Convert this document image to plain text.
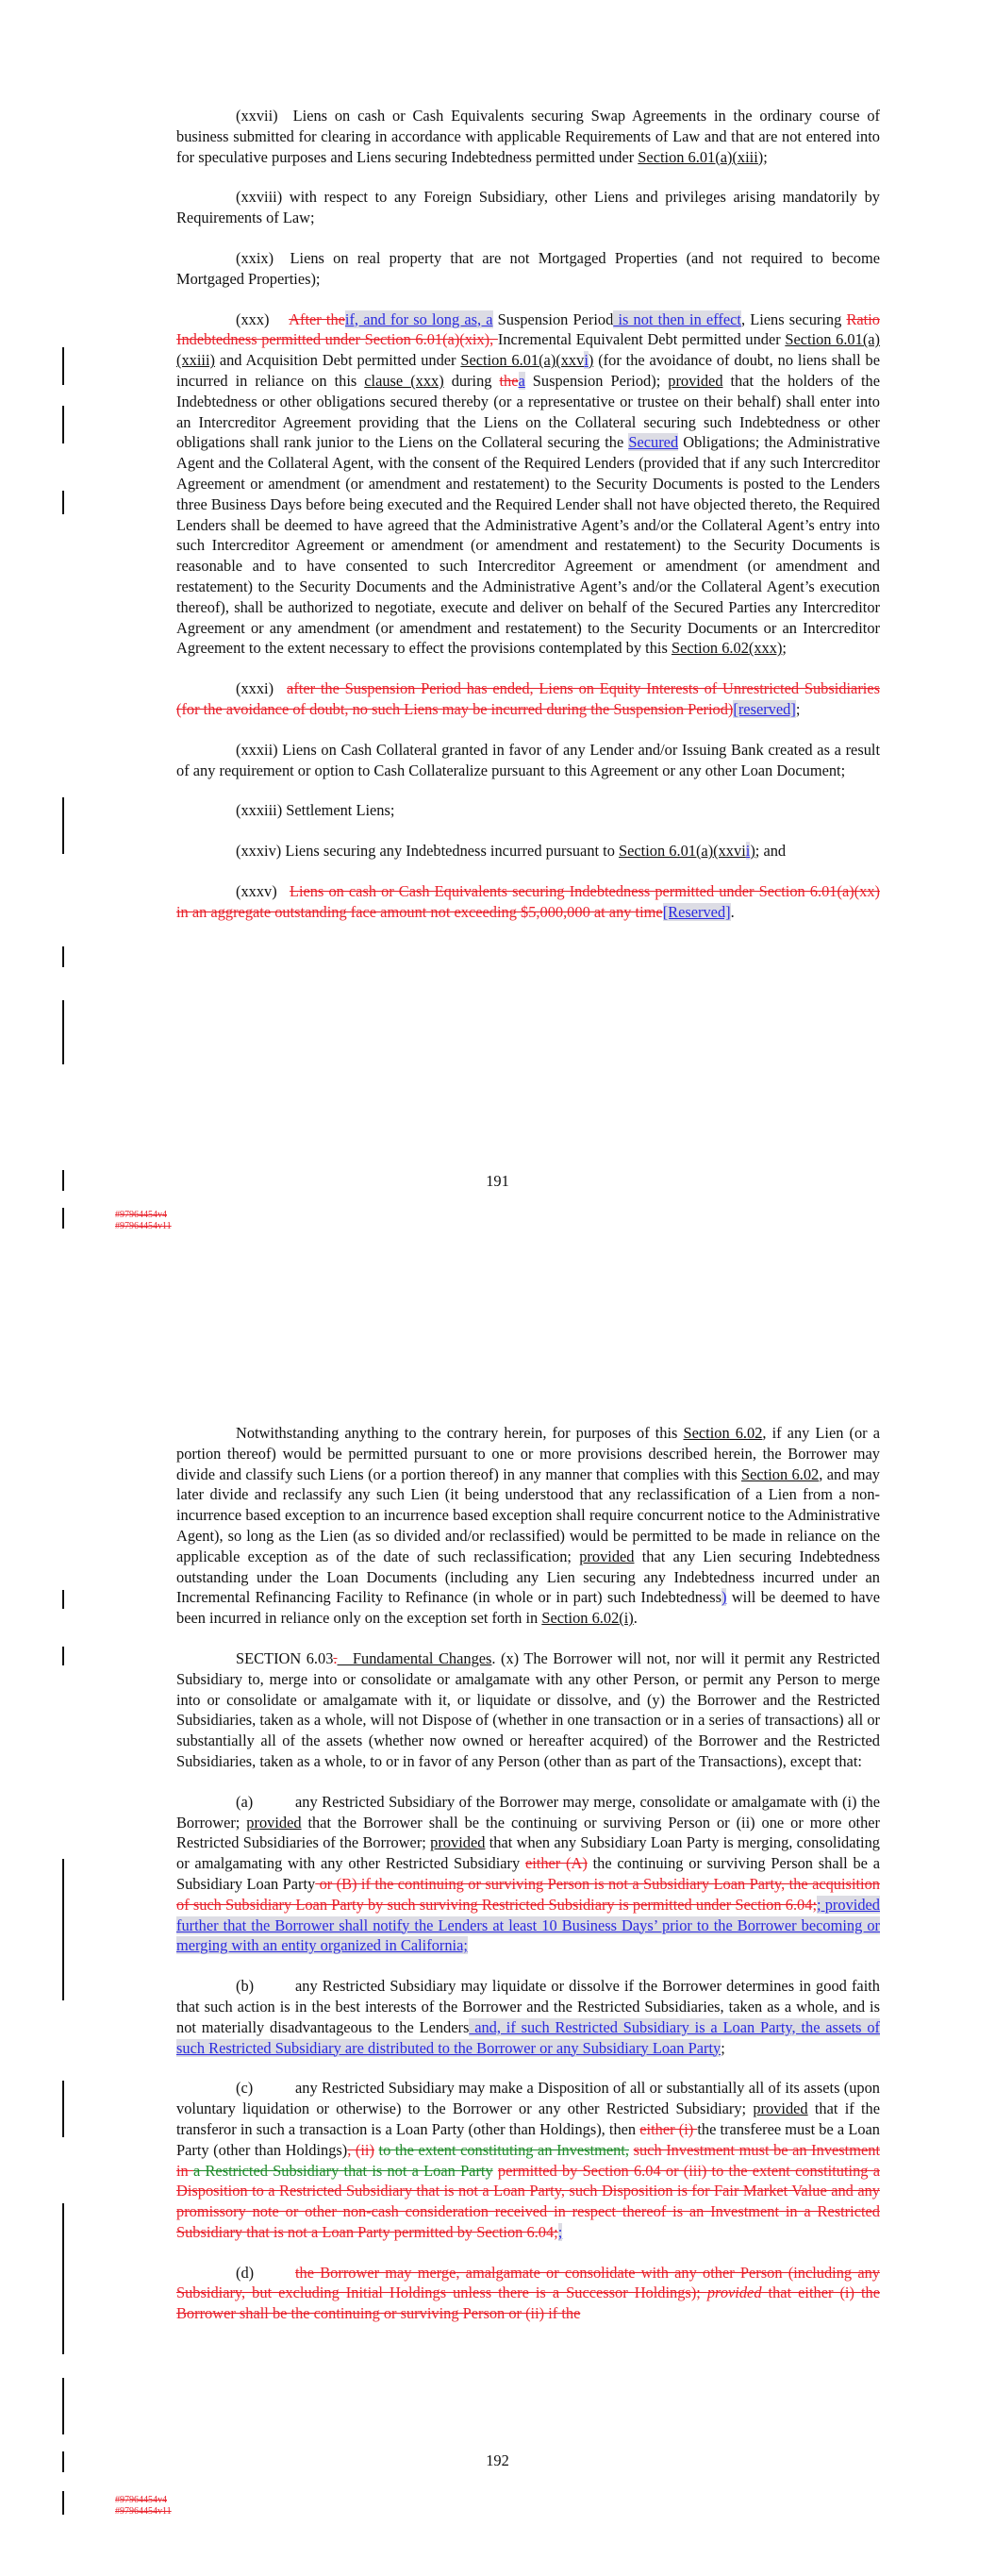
(xxvii)  Liens on cash or Cash Equivalents securing Swap Agreements in the ordinary course of business submitted for clearing in accordance with applicable Requirements of Law and that are not entered into for speculative purposes and Liens securing Indebtedness permitted under Section 6.01(a)(xiii);

(xxviii) with respect to any Foreign Subsidiary, other Liens and privileges arising mandatorily by Requirements of Law;

(xxix)  Liens on real property that are not Mortgaged Properties (and not required to become Mortgaged Properties);

(xxx)  After theif, and for so long as, a Suspension Period is not then in effect, Liens securing Ratio Indebtedness permitted under Section 6.01(a)(xix), Incremental Equivalent Debt permitted under Section 6.01(a)(xxiii) and Acquisition Debt permitted under Section 6.01(a)(xxvi) (for the avoidance of doubt, no liens shall be incurred in reliance on this clause (xxx) during thea Suspension Period); provided that the holders of the Indebtedness or other obligations secured thereby (or a representative or trustee on their behalf) shall enter into an Intercreditor Agreement providing that the Liens on the Collateral securing such Indebtedness or other obligations shall rank junior to the Liens on the Collateral securing the Secured Obligations; the Administrative Agent and the Collateral Agent, with the consent of the Required Lenders (provided that if any such Intercreditor Agreement or amendment (or amendment and restatement) to the Security Documents is posted to the Lenders three Business Days before being executed and the Required Lender shall not have objected thereto, the Required Lenders shall be deemed to have agreed that the Administrative Agent’s and/or the Collateral Agent’s entry into such Intercreditor Agreement or amendment (or amendment and restatement) to the Security Documents is reasonable and to have consented to such Intercreditor Agreement or amendment (or amendment and restatement) to the Security Documents and the Administrative Agent’s and/or the Collateral Agent’s execution thereof), shall be authorized to negotiate, execute and deliver on behalf of the Secured Parties any Intercreditor Agreement or any amendment (or amendment and restatement) to the Security Documents or an Intercreditor Agreement to the extent necessary to effect the provisions contemplated by this Section 6.02(xxx);

(xxxi)  after the Suspension Period has ended, Liens on Equity Interests of Unrestricted Subsidiaries (for the avoidance of doubt, no such Liens may be incurred during the Suspension Period)[reserved];

(xxxii) Liens on Cash Collateral granted in favor of any Lender and/or Issuing Bank created as a result of any requirement or option to Cash Collateralize pursuant to this Agreement or any other Loan Document;

(xxxiii) Settlement Liens;

(xxxiv) Liens securing any Indebtedness incurred pursuant to Section 6.01(a)(xxvii); and

(xxxv)  Liens on cash or Cash Equivalents securing Indebtedness permitted under Section 6.01(a)(xx) in an aggregate outstanding face amount not exceeding $5,000,000 at any time[Reserved].

191
#97964454v4
#97964454v11

Notwithstanding anything to the contrary herein, for purposes of this Section 6.02, if any Lien (or a portion thereof) would be permitted pursuant to one or more provisions described herein, the Borrower may divide and classify such Liens (or a portion thereof) in any manner that complies with this Section 6.02, and may later divide and reclassify any such Lien (it being understood that any reclassification of a Lien from a non-incurrence based exception to an incurrence based exception shall require concurrent notice to the Administrative Agent), so long as the Lien (as so divided and/or reclassified) would be permitted to be made in reliance on the applicable exception as of the date of such reclassification; provided that any Lien securing Indebtedness outstanding under the Loan Documents (including any Lien securing any Indebtedness incurred under an Incremental Refinancing Facility to Refinance (in whole or in part) such Indebtedness) will be deemed to have been incurred in reliance only on the exception set forth in Section 6.02(i).

SECTION 6.03. Fundamental Changes. (x) The Borrower will not, nor will it permit any Restricted Subsidiary to, merge into or consolidate or amalgamate with any other Person, or permit any Person to merge into or consolidate or amalgamate with it, or liquidate or dissolve, and (y) the Borrower and the Restricted Subsidiaries, taken as a whole, will not Dispose of (whether in one transaction or in a series of transactions) all or substantially all of the assets (whether now owned or hereafter acquired) of the Borrower and the Restricted Subsidiaries, taken as a whole, to or in favor of any Person (other than as part of the Transactions), except that:

(a)	any Restricted Subsidiary of the Borrower may merge, consolidate or amalgamate with (i) the Borrower; provided that the Borrower shall be the continuing or surviving Person or (ii) one or more other Restricted Subsidiaries of the Borrower; provided that when any Subsidiary Loan Party is merging, consolidating or amalgamating with any other Restricted Subsidiary either (A) the continuing or surviving Person shall be a Subsidiary Loan Party or (B) if the continuing or surviving Person is not a Subsidiary Loan Party, the acquisition of such Subsidiary Loan Party by such surviving Restricted Subsidiary is permitted under Section 6.04;; provided further that the Borrower shall notify the Lenders at least 10 Business Days’ prior to the Borrower becoming or merging with an entity organized in California;

(b)	any Restricted Subsidiary may liquidate or dissolve if the Borrower determines in good faith that such action is in the best interests of the Borrower and the Restricted Subsidiaries, taken as a whole, and is not materially disadvantageous to the Lenders and, if such Restricted Subsidiary is a Loan Party, the assets of such Restricted Subsidiary are distributed to the Borrower or any Subsidiary Loan Party;

(c)	any Restricted Subsidiary may make a Disposition of all or substantially all of its assets (upon voluntary liquidation or otherwise) to the Borrower or any other Restricted Subsidiary; provided that if the transferor in such a transaction is a Loan Party (other than Holdings), then either (i) the transferee must be a Loan Party (other than Holdings), (ii) to the extent constituting an Investment, such Investment must be an Investment in a Restricted Subsidiary that is not a Loan Party permitted by Section 6.04 or (iii) to the extent constituting a Disposition to a Restricted Subsidiary that is not a Loan Party, such Disposition is for Fair Market Value and any promissory note or other non-cash consideration received in respect thereof is an Investment in a Restricted Subsidiary that is not a Loan Party permitted by Section 6.04;;

(d)	the Borrower may merge, amalgamate or consolidate with any other Person (including any Subsidiary, but excluding Initial Holdings unless there is a Successor Holdings); provided that either (i) the Borrower shall be the continuing or surviving Person or (ii) if the

192
#97964454v4
#97964454v11
